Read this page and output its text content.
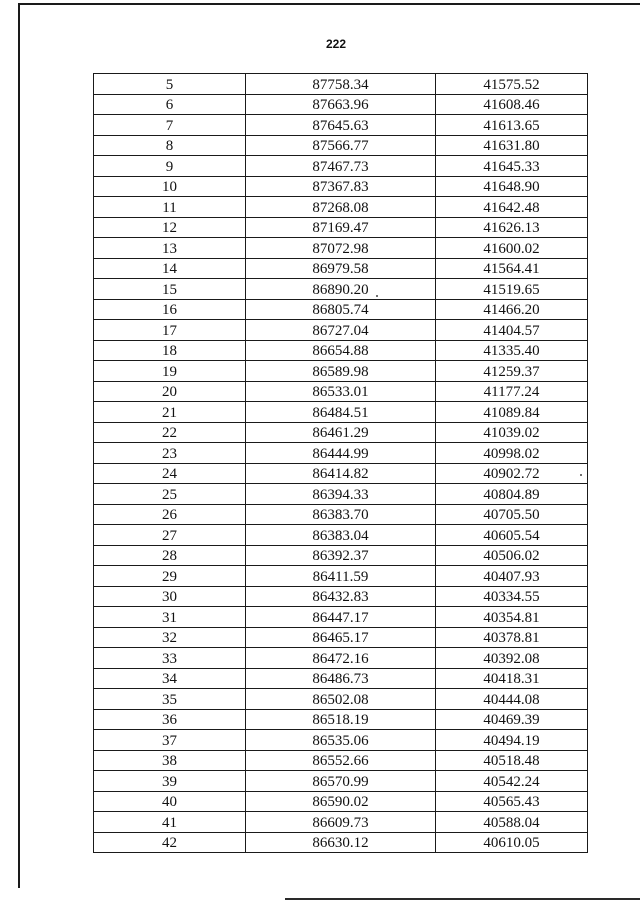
222
5	87758.34	41575.52
6	87663.96	41608.46
7	87645.63	41613.65
8	87566.77	41631.80
9	87467.73	41645.33
10	87367.83	41648.90
11	87268.08	41642.48
12	87169.47	41626.13
13	87072.98	41600.02
14	86979.58	41564.41
15	86890.20	41519.65
16	86805.74	41466.20
17	86727.04	41404.57
18	86654.88	41335.40
19	86589.98	41259.37
20	86533.01	41177.24
21	86484.51	41089.84
22	86461.29	41039.02
23	86444.99	40998.02
24	86414.82	40902.72
25	86394.33	40804.89
26	86383.70	40705.50
27	86383.04	40605.54
28	86392.37	40506.02
29	86411.59	40407.93
30	86432.83	40334.55
31	86447.17	40354.81
32	86465.17	40378.81
33	86472.16	40392.08
34	86486.73	40418.31
35	86502.08	40444.08
36	86518.19	40469.39
37	86535.06	40494.19
38	86552.66	40518.48
39	86570.99	40542.24
40	86590.02	40565.43
41	86609.73	40588.04
42	86630.12	40610.05
